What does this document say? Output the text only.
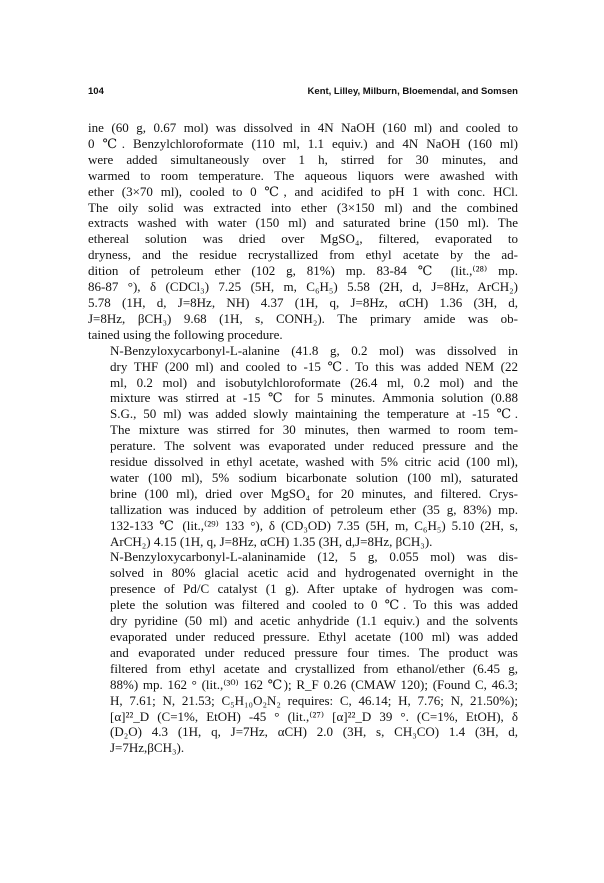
104	Kent, Lilley, Milburn, Bloemendal, and Somsen

ine (60 g, 0.67 mol) was dissolved in 4N NaOH (160 ml) and cooled to
0 ℃. Benzylchloroformate (110 ml, 1.1 equiv.) and 4N NaOH (160 ml)
were added simultaneously over 1 h, stirred for 30 minutes, and
warmed to room temperature. The aqueous liquors were awashed with
ether (3×70 ml), cooled to 0 ℃, and acidifed to pH 1 with conc. HCl.
The oily solid was extracted into ether (3×150 ml) and the combined
extracts washed with water (150 ml) and saturated brine (150 ml). The
ethereal solution was dried over MgSO₄, filtered, evaporated to
dryness, and the residue recrystallized from ethyl acetate by the ad-
dition of petroleum ether (102 g, 81%) mp. 83-84 ℃ (lit.,⁽²⁸⁾ mp.
86-87 °), δ (CDCl₃) 7.25 (5H, m, C₆H₅) 5.58 (2H, d, J=8Hz, ArCH₂)
5.78 (1H, d, J=8Hz, NH) 4.37 (1H, q, J=8Hz, αCH) 1.36 (3H, d,
J=8Hz, βCH₃) 9.68 (1H, s, CONH₂). The primary amide was ob-
tained using the following procedure.

N-Benzyloxycarbonyl-L-alanine (41.8 g, 0.2 mol) was dissolved in
dry THF (200 ml) and cooled to -15 ℃. To this was added NEM (22
ml, 0.2 mol) and isobutylchloroformate (26.4 ml, 0.2 mol) and the
mixture was stirred at -15 ℃ for 5 minutes. Ammonia solution (0.88
S.G., 50 ml) was added slowly maintaining the temperature at -15 ℃.
The mixture was stirred for 30 minutes, then warmed to room tem-
perature. The solvent was evaporated under reduced pressure and the
residue dissolved in ethyl acetate, washed with 5% citric acid (100 ml),
water (100 ml), 5% sodium bicarbonate solution (100 ml), saturated
brine (100 ml), dried over MgSO₄ for 20 minutes, and filtered. Crys-
tallization was induced by addition of petroleum ether (35 g, 83%) mp.
132-133 ℃ (lit.,⁽²⁹⁾ 133 °), δ (CD₃OD) 7.35 (5H, m, C₆H₅) 5.10 (2H, s,
ArCH₂) 4.15 (1H, q, J=8Hz, αCH) 1.35 (3H, d,J=8Hz, βCH₃).

N-Benzyloxycarbonyl-L-alaninamide (12, 5 g, 0.055 mol) was dis-
solved in 80% glacial acetic acid and hydrogenated overnight in the
presence of Pd/C catalyst (1 g). After uptake of hydrogen was com-
plete the solution was filtered and cooled to 0 ℃. To this was added
dry pyridine (50 ml) and acetic anhydride (1.1 equiv.) and the solvents
evaporated under reduced pressure. Ethyl acetate (100 ml) was added
and evaporated under reduced pressure four times. The product was
filtered from ethyl acetate and crystallized from ethanol/ether (6.45 g,
88%) mp. 162 ° (lit.,⁽³⁰⁾ 162 ℃); R_F 0.26 (CMAW 120); (Found C, 46.3;
H, 7.61; N, 21.53; C₅H₁₀O₂N₂ requires: C, 46.14; H, 7.76; N, 21.50%);
[α]²²_D (C=1%, EtOH) -45 ° (lit.,⁽²⁷⁾ [α]²²_D 39 °. (C=1%, EtOH), δ
(D₂O) 4.3 (1H, q, J=7Hz, αCH) 2.0 (3H, s, CH₃CO) 1.4 (3H, d,
J=7Hz,βCH₃).
